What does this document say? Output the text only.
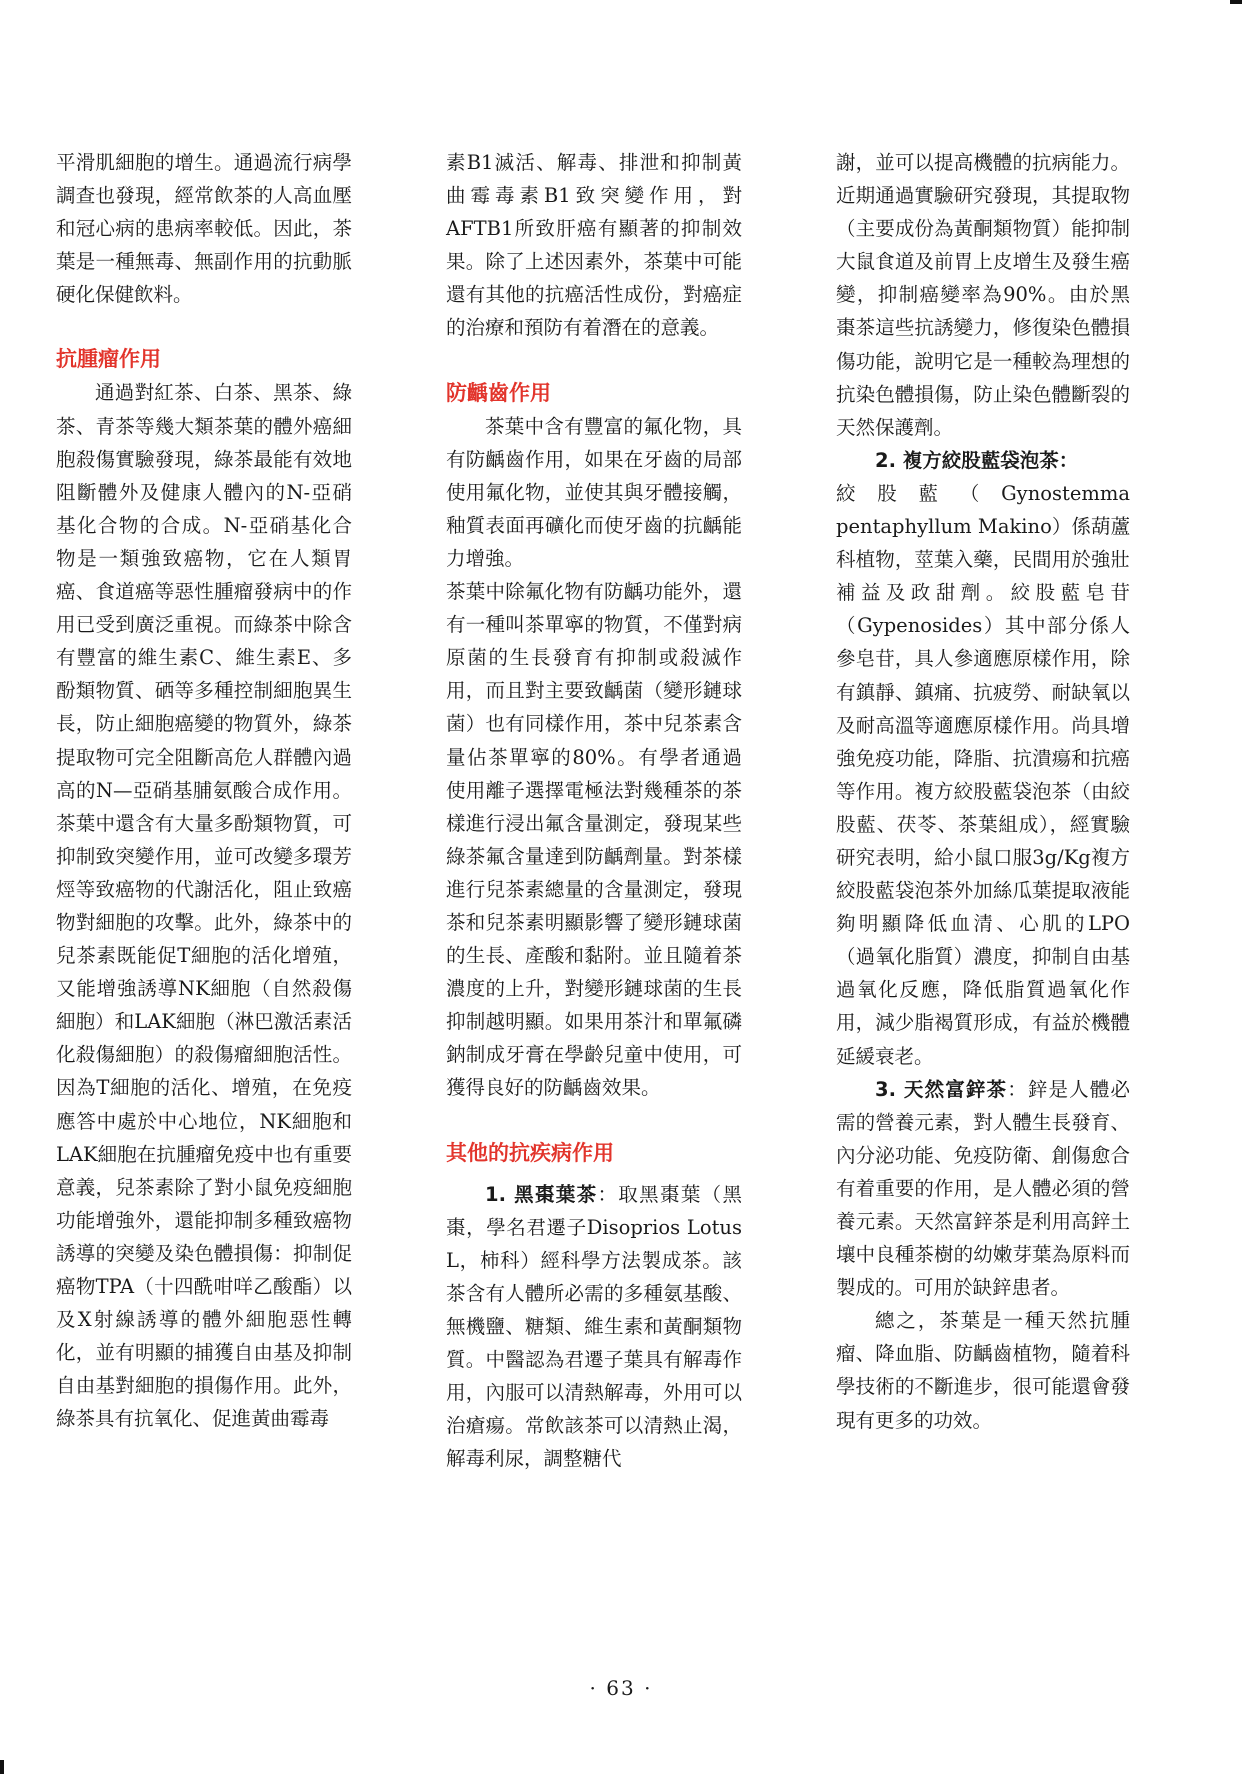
平滑肌細胞的增生。通過流行病學調查也發現，經常飲茶的人高血壓和冠心病的患病率較低。因此，茶葉是一種無毒、無副作用的抗動脈硬化保健飲料。

抗腫瘤作用

通過對紅茶、白茶、黑茶、綠茶、青茶等幾大類茶葉的體外癌細胞殺傷實驗發現，綠茶最能有效地阻斷體外及健康人體內的N-亞硝基化合物的合成。N-亞硝基化合物是一類強致癌物，它在人類胃癌、食道癌等惡性腫瘤發病中的作用已受到廣泛重視。而綠茶中除含有豐富的維生素C、維生素E、多酚類物質、硒等多種控制細胞異生長，防止細胞癌變的物質外，綠茶提取物可完全阻斷高危人群體內過高的N—亞硝基脯氨酸合成作用。茶葉中還含有大量多酚類物質，可抑制致突變作用，並可改變多環芳烴等致癌物的代謝活化，阻止致癌物對細胞的攻擊。此外，綠茶中的兒茶素既能促T細胞的活化增殖，又能增強誘導NK細胞（自然殺傷細胞）和LAK細胞（淋巴激活素活化殺傷細胞）的殺傷瘤細胞活性。因為T細胞的活化、增殖，在免疫應答中處於中心地位，NK細胞和LAK細胞在抗腫瘤免疫中也有重要意義，兒茶素除了對小鼠免疫細胞功能增強外，還能抑制多種致癌物誘導的突變及染色體損傷：抑制促癌物TPA（十四酰咁咩乙酸酯）以及X射線誘導的體外細胞惡性轉化，並有明顯的捕獲自由基及抑制自由基對細胞的損傷作用。此外，綠茶具有抗氧化、促進黃曲霉毒

素B1滅活、解毒、排泄和抑制黃曲霉毒素B1致突變作用，對AFTB1所致肝癌有顯著的抑制效果。除了上述因素外，茶葉中可能還有其他的抗癌活性成份，對癌症的治療和預防有着潛在的意義。

防齲齒作用

茶葉中含有豐富的氟化物，具有防齲齒作用，如果在牙齒的局部使用氟化物，並使其與牙體接觸，釉質表面再礦化而使牙齒的抗齲能力增強。

茶葉中除氟化物有防齲功能外，還有一種叫茶單寧的物質，不僅對病原菌的生長發育有抑制或殺滅作用，而且對主要致齲菌（變形鏈球菌）也有同樣作用，茶中兒茶素含量佔茶單寧的80%。有學者通過使用離子選擇電極法對幾種茶的茶樣進行浸出氟含量測定，發現某些綠茶氟含量達到防齲劑量。對茶樣進行兒茶素總量的含量測定，發現茶和兒茶素明顯影響了變形鏈球菌的生長、產酸和黏附。並且隨着茶濃度的上升，對變形鏈球菌的生長抑制越明顯。如果用茶汁和單氟磷鈉制成牙膏在學齡兒童中使用，可獲得良好的防齲齒效果。

其他的抗疾病作用

1. 黑棗葉茶：取黑棗葉（黑棗，學名君遷子Disoprios Lotus L，柿科）經科學方法製成茶。該茶含有人體所必需的多種氨基酸、無機鹽、糖類、維生素和黃酮類物質。中醫認為君遷子葉具有解毒作用，內服可以清熱解毒，外用可以治瘡瘍。常飲該茶可以清熱止渴，解毒利尿，調整糖代

謝，並可以提高機體的抗病能力。近期通過實驗研究發現，其提取物（主要成份為黃酮類物質）能抑制大鼠食道及前胃上皮增生及發生癌變，抑制癌變率為90%。由於黑棗茶這些抗誘變力，修復染色體損傷功能，說明它是一種較為理想的抗染色體損傷，防止染色體斷裂的天然保護劑。

2. 複方絞股藍袋泡茶：

絞股藍（Gynostemma pentaphyllum Makino）係葫蘆科植物，莖葉入藥，民間用於強壯補益及政甜劑。絞股藍皂苷（Gypenosides）其中部分係人參皂苷，具人參適應原樣作用，除有鎮靜、鎮痛、抗疲勞、耐缺氧以及耐高溫等適應原樣作用。尚具增強免疫功能，降脂、抗潰瘍和抗癌等作用。複方絞股藍袋泡茶（由絞股藍、茯苓、茶葉組成），經實驗研究表明，給小鼠口服3g/Kg複方絞股藍袋泡茶外加絲瓜葉提取液能夠明顯降低血清、心肌的LPO（過氧化脂質）濃度，抑制自由基過氧化反應，降低脂質過氧化作用，減少脂褐質形成，有益於機體延緩衰老。

3. 天然富鋅茶：鋅是人體必需的營養元素，對人體生長發育、內分泌功能、免疫防衛、創傷愈合有着重要的作用，是人體必須的營養元素。天然富鋅茶是利用高鋅土壤中良種茶樹的幼嫩芽葉為原料而製成的。可用於缺鋅患者。

總之，茶葉是一種天然抗腫瘤、降血脂、防齲齒植物，隨着科學技術的不斷進步，很可能還會發現有更多的功效。

· 63 ·
